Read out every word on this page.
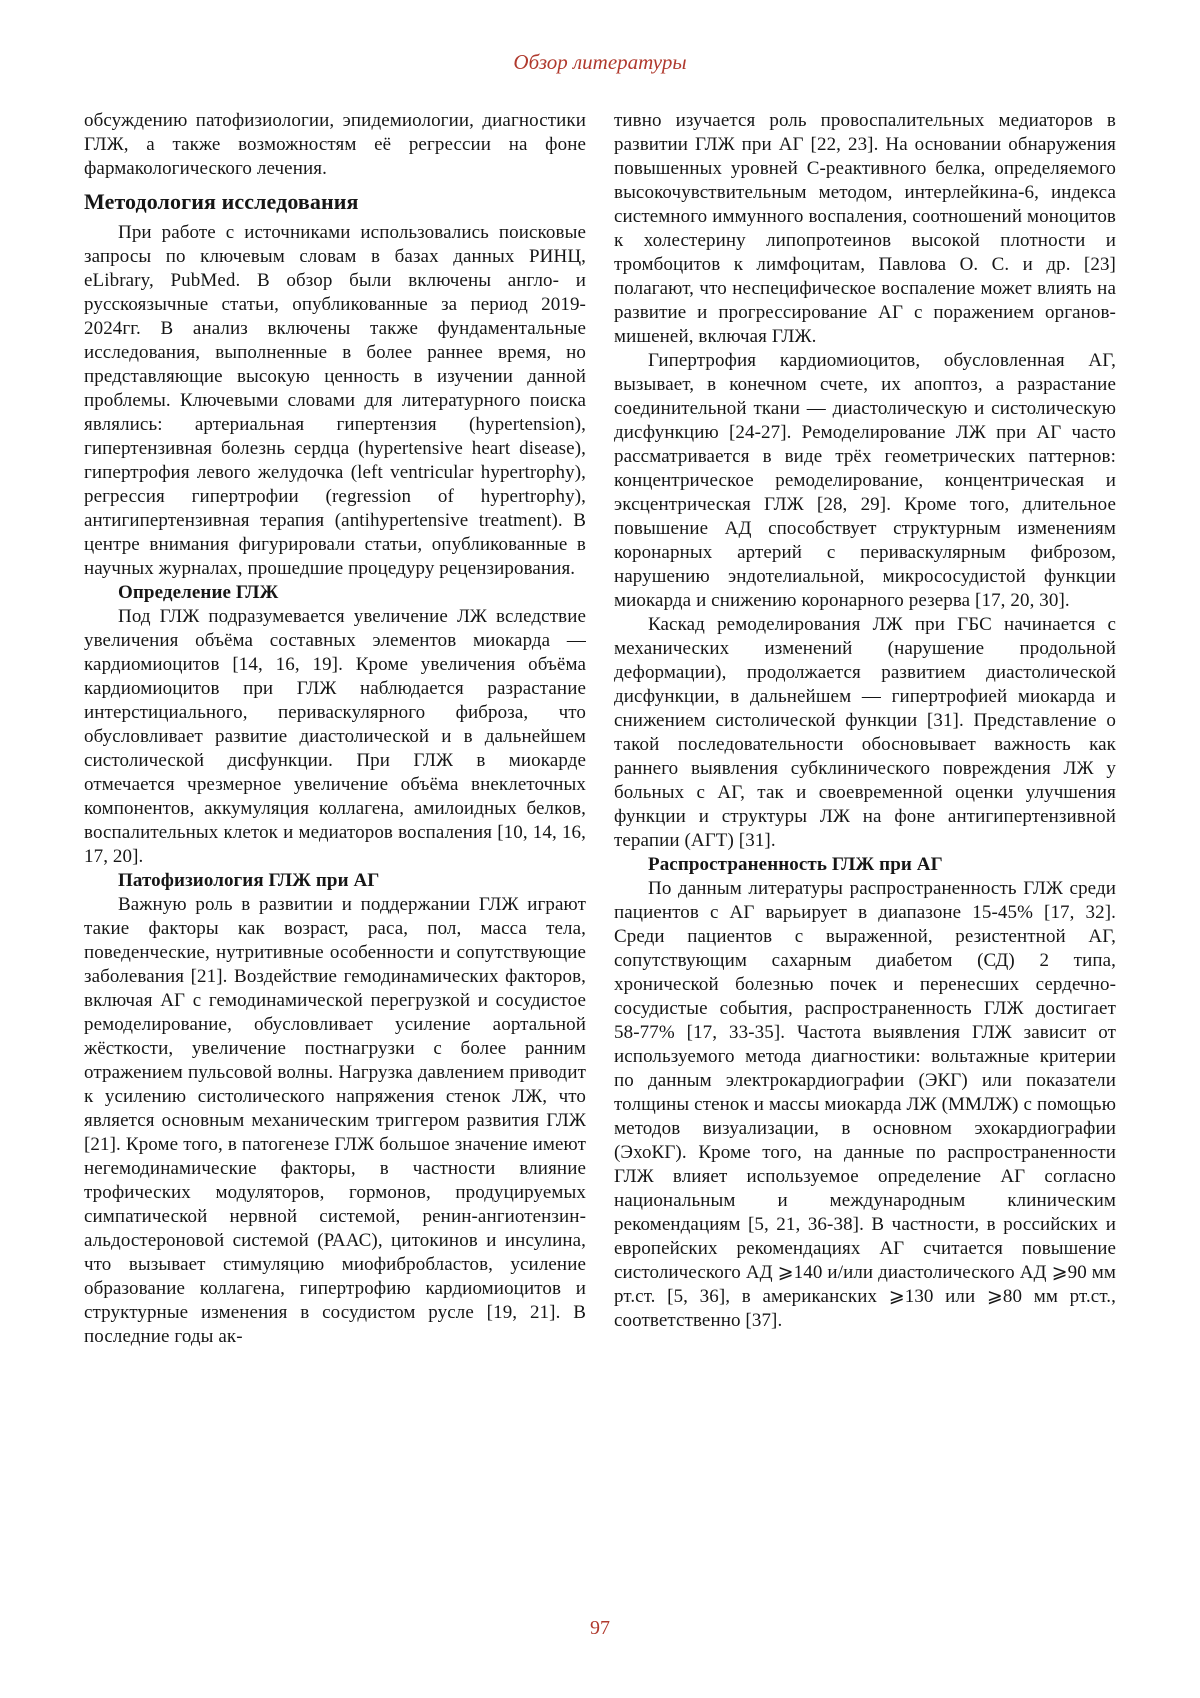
Обзор литературы

обсуждению патофизиологии, эпидемиологии, диагностики ГЛЖ, а также возможностям её регрессии на фоне фармакологического лечения.

Методология исследования

При работе с источниками использовались поисковые запросы по ключевым словам в базах данных РИНЦ, eLibrary, PubMed. В обзор были включены англо- и русскоязычные статьи, опубликованные за период 2019-2024гг. В анализ включены также фундаментальные исследования, выполненные в более раннее время, но представляющие высокую ценность в изучении данной проблемы. Ключевыми словами для литературного поиска являлись: артериальная гипертензия (hypertension), гипертензивная болезнь сердца (hypertensive heart disease), гипертрофия левого желудочка (left ventricular hypertrophy), регрессия гипертрофии (regression of hypertrophy), антигипертензивная терапия (antihypertensive treatment). В центре внимания фигурировали статьи, опубликованные в научных журналах, прошедшие процедуру рецензирования.

Определение ГЛЖ

Под ГЛЖ подразумевается увеличение ЛЖ вследствие увеличения объёма составных элементов миокарда — кардиомиоцитов [14, 16, 19]. Кроме увеличения объёма кардиомиоцитов при ГЛЖ наблюдается разрастание интерстициального, периваскулярного фиброза, что обусловливает развитие диастолической и в дальнейшем систолической дисфункции. При ГЛЖ в миокарде отмечается чрезмерное увеличение объёма внеклеточных компонентов, аккумуляция коллагена, амилоидных белков, воспалительных клеток и медиаторов воспаления [10, 14, 16, 17, 20].

Патофизиология ГЛЖ при АГ

Важную роль в развитии и поддержании ГЛЖ играют такие факторы как возраст, раса, пол, масса тела, поведенческие, нутритивные особенности и сопутствующие заболевания [21]. Воздействие гемодинамических факторов, включая АГ с гемодинамической перегрузкой и сосудистое ремоделирование, обусловливает усиление аортальной жёсткости, увеличение постнагрузки с более ранним отражением пульсовой волны. Нагрузка давлением приводит к усилению систолического напряжения стенок ЛЖ, что является основным механическим триггером развития ГЛЖ [21]. Кроме того, в патогенезе ГЛЖ большое значение имеют негемодинамические факторы, в частности влияние трофических модуляторов, гормонов, продуцируемых симпатической нервной системой, ренин-ангиотензин-альдостероновой системой (РААС), цитокинов и инсулина, что вызывает стимуляцию миофибробластов, усиление образование коллагена, гипертрофию кардиомиоцитов и структурные изменения в сосудистом русле [19, 21]. В последние годы ак-

тивно изучается роль провоспалительных медиаторов в развитии ГЛЖ при АГ [22, 23]. На основании обнаружения повышенных уровней С-реактивного белка, определяемого высокочувствительным методом, интерлейкина-6, индекса системного иммунного воспаления, соотношений моноцитов к холестерину липопротеинов высокой плотности и тромбоцитов к лимфоцитам, Павлова О. С. и др. [23] полагают, что неспецифическое воспаление может влиять на развитие и прогрессирование АГ с поражением органов-мишеней, включая ГЛЖ.

Гипертрофия кардиомиоцитов, обусловленная АГ, вызывает, в конечном счете, их апоптоз, а разрастание соединительной ткани — диастолическую и систолическую дисфункцию [24-27]. Ремоделирование ЛЖ при АГ часто рассматривается в виде трёх геометрических паттернов: концентрическое ремоделирование, концентрическая и эксцентрическая ГЛЖ [28, 29]. Кроме того, длительное повышение АД способствует структурным изменениям коронарных артерий с периваскулярным фиброзом, нарушению эндотелиальной, микрососудистой функции миокарда и снижению коронарного резерва [17, 20, 30].

Каскад ремоделирования ЛЖ при ГБС начинается с механических изменений (нарушение продольной деформации), продолжается развитием диастолической дисфункции, в дальнейшем — гипертрофией миокарда и снижением систолической функции [31]. Представление о такой последовательности обосновывает важность как раннего выявления субклинического повреждения ЛЖ у больных с АГ, так и своевременной оценки улучшения функции и структуры ЛЖ на фоне антигипертензивной терапии (АГТ) [31].

Распространенность ГЛЖ при АГ

По данным литературы распространенность ГЛЖ среди пациентов с АГ варьирует в диапазоне 15-45% [17, 32]. Среди пациентов с выраженной, резистентной АГ, сопутствующим сахарным диабетом (СД) 2 типа, хронической болезнью почек и перенесших сердечно-сосудистые события, распространенность ГЛЖ достигает 58-77% [17, 33-35]. Частота выявления ГЛЖ зависит от используемого метода диагностики: вольтажные критерии по данным электрокардиографии (ЭКГ) или показатели толщины стенок и массы миокарда ЛЖ (ММЛЖ) с помощью методов визуализации, в основном эхокардиографии (ЭхоКГ). Кроме того, на данные по распространенности ГЛЖ влияет используемое определение АГ согласно национальным и международным клиническим рекомендациям [5, 21, 36-38]. В частности, в российских и европейских рекомендациях АГ считается повышение систолического АД ⩾140 и/или диастолического АД ⩾90 мм рт.ст. [5, 36], в американских ⩾130 или ⩾80 мм рт.ст., соответственно [37].

97
